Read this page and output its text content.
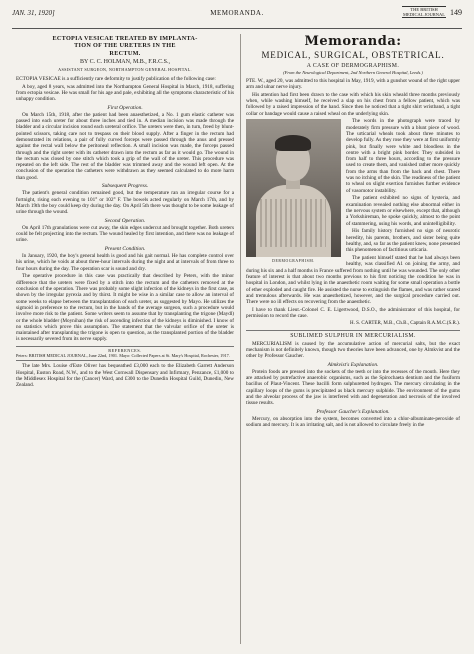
JAN. 31, 1920]	MEMORANDA.	THE BRITISH
MEDICAL JOURNAL 149
ECTOPIA VESICAE TREATED BY IMPLANTA-
TION OF THE URETERS IN THE
RECTUM.
BY C. C. HOLMAN, M.B., F.R.C.S.,
ASSISTANT SURGEON, NORTHAMPTON GENERAL HOSPITAL.

ECTOPIA VESICAE is a sufficiently rare deformity to justify publication of the following case:

A boy, aged 8 years, was admitted into the Northampton General Hospital in March, 1918, suffering from ectopia vesicae. He was small for his age and pale, exhibiting all the symptoms characteristic of his unhappy condition.

First Operation.

On March 15th, 1918, after the patient had been anaesthetized, a No. 1 gum elastic catheter was passed into each ureter for about three inches and tied in. A median incision was made through the bladder and a circular incision round each ureteral orifice. The ureters were then, in turn, freed by blunt-pointed scissors, taking care not to trespass on their blood supply. After a finger in the rectum had demonstrated its relations, a pair of fully curved forceps were passed through the anus and pressed against the rectal wall below the peritoneal reflection. A small incision was made, the forceps passed through and the right ureter with its catheter drawn into the rectum as far as it would go. The wound in the rectum was closed by one stitch which took a grip of the wall of the ureter. This procedure was repeated on the left side. The rest of the bladder was trimmed away and the wound left open. At the conclusion of the operation the catheters were withdrawn as they seemed calculated to do more harm than good.

Subsequent Progress.

The patient's general condition remained good, but the temperature ran an irregular course for a fortnight, rising each evening to 101° or 102° F. The bowels acted regularly on March 17th, and by March 19th the boy could keep dry during the day. On April 5th there was thought to be some leakage of urine through the wound.

Second Operation.

On April 17th granulations were cut away, the skin edges undercut and brought together. Both ureters could be felt projecting into the rectum. The wound healed by first intention, and there was no leakage of urine.

Present Condition.

In January, 1920, the boy's general health is good and his gait normal. He has complete control over his urine, which he voids at about three-hour intervals during the night and at intervals of from three to four hours during the day. The operation scar is sound and dry.

The operative procedure in this case was practically that described by Peters, with the minor difference that the ureters were fixed by a stitch into the rectum and the catheters removed at the conclusion of the operation. There was probably some slight infection of the kidneys in the first case, as shown by the irregular pyrexia and by thirst. It might be wise in a similar case to allow an interval of some weeks to elapse between the transplantation of each ureter, as suggested by Mayo. He utilizes the sigmoid in preference to the rectum, but in the hands of the average surgeon, such a procedure would involve more risk to the patient. Some writers seem to assume that by transplanting the trigone (Maydl) or the whole bladder (Moynihan) the risk of ascending infection of the kidneys is diminished. I know of no statistics which prove this assumption. The statement that the valvular orifice of the ureter is maintained after transplanting the trigone is open to question, as the transplanted portion of the bladder is necessarily severed from its nerve supply.

REFERENCES.

Peters: BRITISH MEDICAL JOURNAL, June 22nd, 1901. Mayo: Collected Papers at St. Mary's Hospital, Rochester, 1917.

The late Mrs. Louise d'Este Oliver has bequeathed £3,000 each to the Elizabeth Garrett Anderson Hospital, Euston Road, N.W., and to the West Cornwall Dispensary and Infirmary, Penzance, £1,000 to the Middlesex Hospital for the (Cancer) Ward, and £300 to the Dunedin Hospital Guild, Dunedin, New Zealand.

Memoranda:
MEDICAL, SURGICAL, OBSTETRICAL.
A CASE OF DERMOGRAPHISM.
(From the Neurological Department, 2nd Northern General Hospital, Leeds.)

PTE. W., aged 20, was admitted to this hospital in May, 1919, with a gunshot wound of the right upper arm and ulnar nerve injury.

His attention had first been drawn to the case with which his skin wheald three months previously when, while washing himself, he received a slap on his chest from a fellow patient, which was followed by a raised impression of the hand. Since then he noticed that a tight shirt wristband, a tight collar or bandage would cause a raised wheal on the underlying skin.

DERMOGRAPHISM.

The words in the photograph were traced by moderately firm pressure with a blunt piece of wood. The urticarial wheals took about three minutes to develop fully. As they rose they were at first uniformly pink, but finally were white and bloodless in the centre with a bright pink border. They subsided in from half to three hours, according to the pressure used to create them, and vanished rather more quickly from the arms than from the back and chest. There was no itching of the skin. The readiness of the patient to wheal on slight exertion furnishes further evidence of vasomotor instability.

The patient exhibited no signs of hysteria, and examination revealed nothing else abnormal either in the nervous system or elsewhere, except that, although a Yorkshireman, he spoke quickly, almost to the point of stammering, using his words, and unintelligibility.

His family history furnished no sign of neurotic heredity, his parents, brothers, and sister being quite healthy, and, so far as the patient knew, none presented this phenomenon of factitious urticaria.

The patient himself stated that he had always been healthy, was classified A1 on joining the army, and during his six and a half months in France suffered from nothing until he was wounded. The only other feature of interest is that about two months previous to his first noticing the condition he was in hospital in London, and whilst lying in the anaesthetic room waiting for some small operation a bottle of ether exploded and caught fire. He assisted the nurse to extinguish the flames, and was rather scared and tremulous afterwards. He was anaesthetized, however, and the surgical procedure carried out. There were no ill effects on recovering from the anaesthetic.

I have to thank Lieut.-Colonel C. E. Ligertwood, D.S.O., the administrator of this hospital, for permission to record the case.

H. S. CARTER, M.B., Ch.B., Captain R.A.M.C.(S.R.).
SUBLIMED SULPHUR IN MERCURIALISM.

MERCURIALISM is caused by the accumulative action of mercurial salts, but the exact mechanism is not definitely known, though two theories have been advanced, one by Almkvist and the other by Professor Gaucher.

Almkvist's Explanation.

Protein foods are pressed into the sockets of the teeth or into the recesses of the mouth. Here they are attacked by putrefactive anaerobic organisms, such as the Spirochaeta dentium and the fusiform bacillus of Plaut-Vincent. These bacilli form sulphuretted hydrogen. The mercury circulating in the capillary loops of the gums is precipitated as black mercury sulphide. The environment of the gums and the alveolar process of the jaw is interfered with and degeneration and necrosis of the involved tissue results.

Professor Gaucher's Explanation.

Mercury, on absorption into the system, becomes converted into a chlor-albuminate-peroxide of sodium and mercury. It is an irritating salt, and is not allowed to circulate freely in the
